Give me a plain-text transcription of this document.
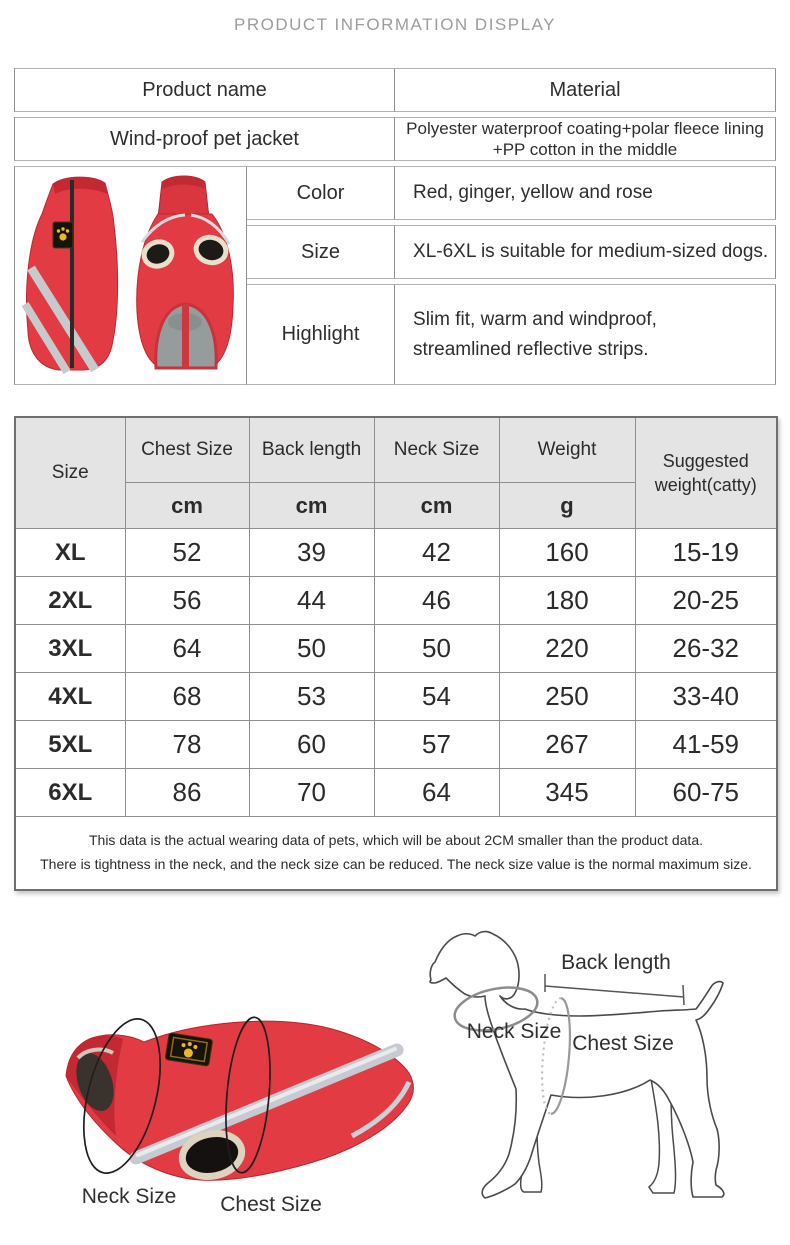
PRODUCT INFORMATION DISPLAY
Product name		Material
Wind-proof pet jacket		Polyester waterproof coating+polar fleece lining +PP cotton in the middle
	Color	Red, ginger, yellow and rose
	Size	XL-6XL is suitable for medium-sized dogs.
	Highlight	Slim fit, warm and windproof, streamlined reflective strips.
Size	Chest Size	Back length	Neck Size	Weight	Suggested weight(catty)
	cm	cm	cm	g	
XL	52	39	42	160	15-19
2XL	56	44	46	180	20-25
3XL	64	50	50	220	26-32
4XL	68	53	54	250	33-40
5XL	78	60	57	267	41-59
6XL	86	70	64	345	60-75

This data is the actual wearing data of pets, which will be about 2CM smaller than the product data.
There is tightness in the neck, and the neck size can be reduced. The neck size value is the normal maximum size.					
Neck Size Chest Size
Back length
Neck Size
Chest Size
